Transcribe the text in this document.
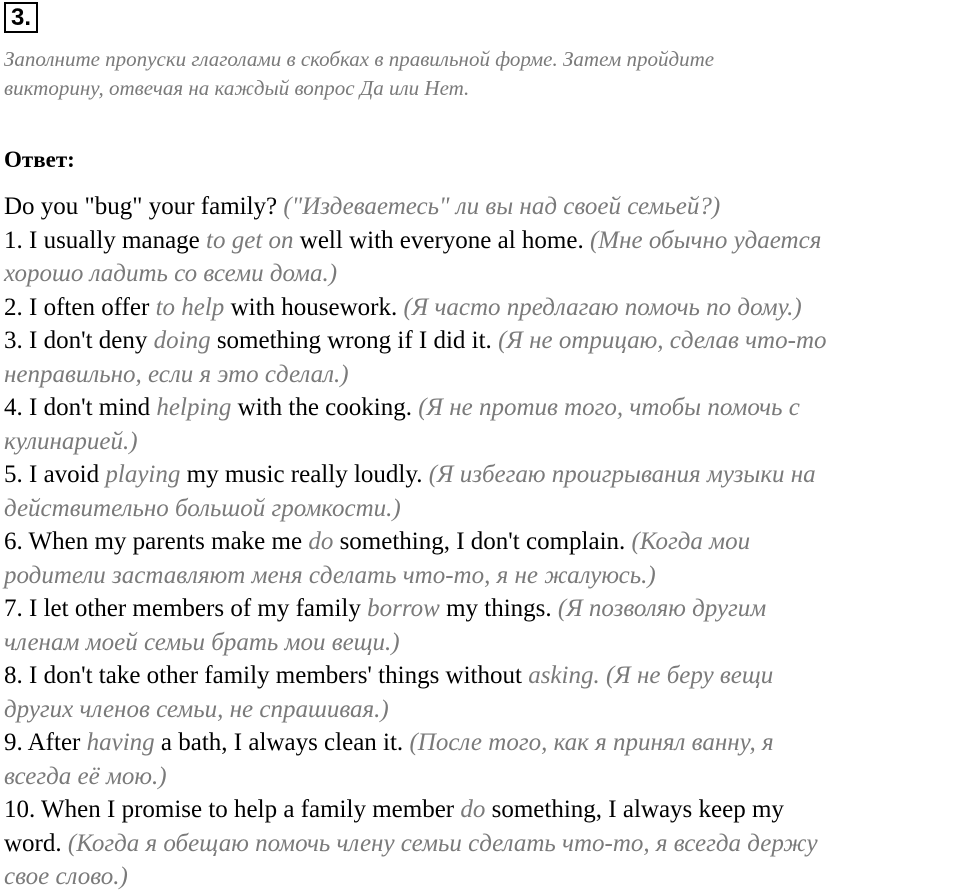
3.
Заполните пропуски глаголами в скобках в правильной форме. Затем пройдите
викторину, отвечая на каждый вопрос Да или Нет.
Ответ:
Do you "bug" your family? ("Издеваетесь" ли вы над своей семьей?)
1. I usually manage to get on well with everyone al home. (Мне обычно удается
хорошо ладить со всеми дома.)
2. I often offer to help with housework. (Я часто предлагаю помочь по дому.)
3. I don't deny doing something wrong if I did it. (Я не отрицаю, сделав что-то
неправильно, если я это сделал.)
4. I don't mind helping with the cooking. (Я не против того, чтобы помочь с
кулинарией.)
5. I avoid playing my music really loudly. (Я избегаю проигрывания музыки на
действительно большой громкости.)
6. When my parents make me do something, I don't complain. (Когда мои
родители заставляют меня сделать что-то, я не жалуюсь.)
7. I let other members of my family borrow my things. (Я позволяю другим
членам моей семьи брать мои вещи.)
8. I don't take other family members' things without asking. (Я не беру вещи
других членов семьи, не спрашивая.)
9. After having a bath, I always clean it. (После того, как я принял ванну, я
всегда её мою.)
10. When I promise to help a family member do something, I always keep my
word. (Когда я обещаю помочь члену семьи сделать что-то, я всегда держу
свое слово.)
